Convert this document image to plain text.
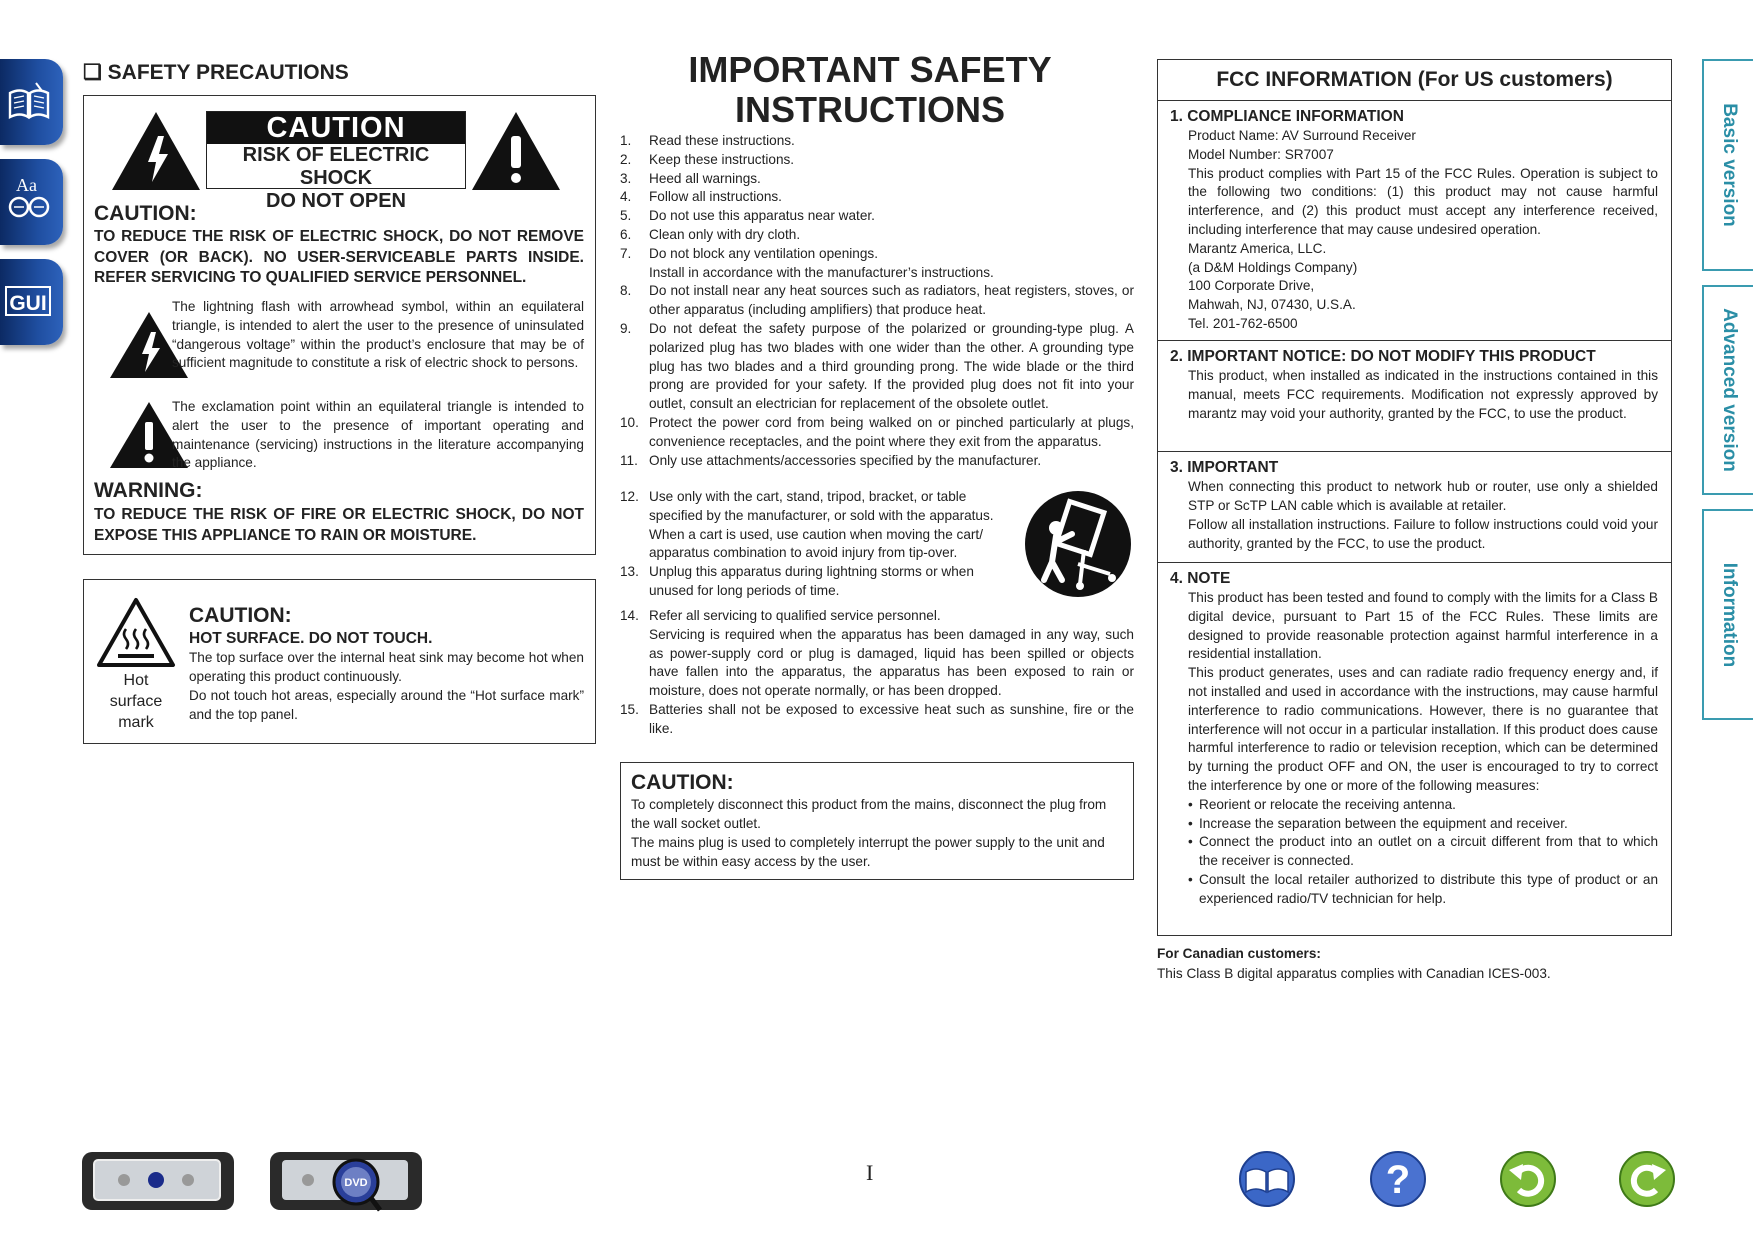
Aa
GUI
Basic version
Advanced version
Information
❏ SAFETY PRECAUTIONS
CAUTION
RISK OF ELECTRIC SHOCK
DO NOT OPEN
CAUTION:
TO REDUCE THE RISK OF ELECTRIC SHOCK, DO NOT REMOVE COVER (OR BACK). NO USER-SERVICEABLE PARTS INSIDE. REFER SERVICING TO QUALIFIED SERVICE PERSONNEL.
The lightning flash with arrowhead symbol, within an equilateral triangle, is intended to alert the user to the presence of uninsulated “dangerous voltage” within the product’s enclosure that may be of sufficient magnitude to constitute a risk of electric shock to persons.
The exclamation point within an equilateral triangle is intended to alert the user to the presence of important operating and maintenance (servicing) instructions in the literature accompanying the appliance.
WARNING:
TO REDUCE THE RISK OF FIRE OR ELECTRIC SHOCK, DO NOT EXPOSE THIS APPLIANCE TO RAIN OR MOISTURE.
Hot
surface
mark
CAUTION:
HOT SURFACE. DO NOT TOUCH.
The top surface over the internal heat sink may become hot when operating this product continuously.
Do not touch hot areas, especially around the “Hot surface mark” and the top panel.
IMPORTANT SAFETY
INSTRUCTIONS
1.	Read these instructions.
2.	Keep these instructions.
3.	Heed all warnings.
4.	Follow all instructions.
5.	Do not use this apparatus near water.
6.	Clean only with dry cloth.
7.	Do not block any ventilation openings.
Install in accordance with the manufacturer’s instructions.
8.	Do not install near any heat sources such as radiators, heat registers, stoves, or other apparatus (including amplifiers) that produce heat.
9.	Do not defeat the safety purpose of the polarized or grounding-type plug. A polarized plug has two blades with one wider than the other. A grounding type plug has two blades and a third grounding prong. The wide blade or the third prong are provided for your safety. If the provided plug does not fit into your outlet, consult an electrician for replacement of the obsolete outlet.
10. Protect the power cord from being walked on or pinched particularly at plugs, convenience receptacles, and the point where they exit from the apparatus.
11. Only use attachments/accessories specified by the manufacturer.
12. Use only with the cart, stand, tripod, bracket, or table specified by the manufacturer, or sold with the apparatus. When a cart is used, use caution when moving the cart/ apparatus combination to avoid injury from tip-over.
13. Unplug this apparatus during lightning storms or when unused for long periods of time.
14. Refer all servicing to qualified service personnel.
Servicing is required when the apparatus has been damaged in any way, such as power-supply cord or plug is damaged, liquid has been spilled or objects have fallen into the apparatus, the apparatus has been exposed to rain or moisture, does not operate normally, or has been dropped.
15. Batteries shall not be exposed to excessive heat such as sunshine, fire or the like.
CAUTION:
To completely disconnect this product from the mains, disconnect the plug from the wall socket outlet.
The mains plug is used to completely interrupt the power supply to the unit and must be within easy access by the user.
FCC INFORMATION (For US customers)
1. COMPLIANCE INFORMATION
Product Name: AV Surround Receiver
Model Number: SR7007
This product complies with Part 15 of the FCC Rules. Operation is subject to the following two conditions: (1) this product may not cause harmful interference, and (2) this product must accept any interference received, including interference that may cause undesired operation.
Marantz America, LLC.
(a D&M Holdings Company)
100 Corporate Drive,
Mahwah, NJ, 07430, U.S.A.
Tel. 201-762-6500
2. IMPORTANT NOTICE: DO NOT MODIFY THIS PRODUCT
This product, when installed as indicated in the instructions contained in this manual, meets FCC requirements. Modification not expressly approved by marantz may void your authority, granted by the FCC, to use the product.
3. IMPORTANT
When connecting this product to network hub or router, use only a shielded STP or ScTP LAN cable which is available at retailer.
Follow all installation instructions. Failure to follow instructions could void your authority, granted by the FCC, to use the product.
4. NOTE
This product has been tested and found to comply with the limits for a Class B digital device, pursuant to Part 15 of the FCC Rules. These limits are designed to provide reasonable protection against harmful interference in a residential installation.
This product generates, uses and can radiate radio frequency energy and, if not installed and used in accordance with the instructions, may cause harmful interference to radio communications. However, there is no guarantee that interference will not occur in a particular installation. If this product does cause harmful interference to radio or television reception, which can be determined by turning the product OFF and ON, the user is encouraged to try to correct the interference by one or more of the following measures:
• Reorient or relocate the receiving antenna.
• Increase the separation between the equipment and receiver.
• Connect the product into an outlet on a circuit different from that to which the receiver is connected.
• Consult the local retailer authorized to distribute this type of product or an experienced radio/TV technician for help.
For Canadian customers:
This Class B digital apparatus complies with Canadian ICES-003.
DVD	I	?
